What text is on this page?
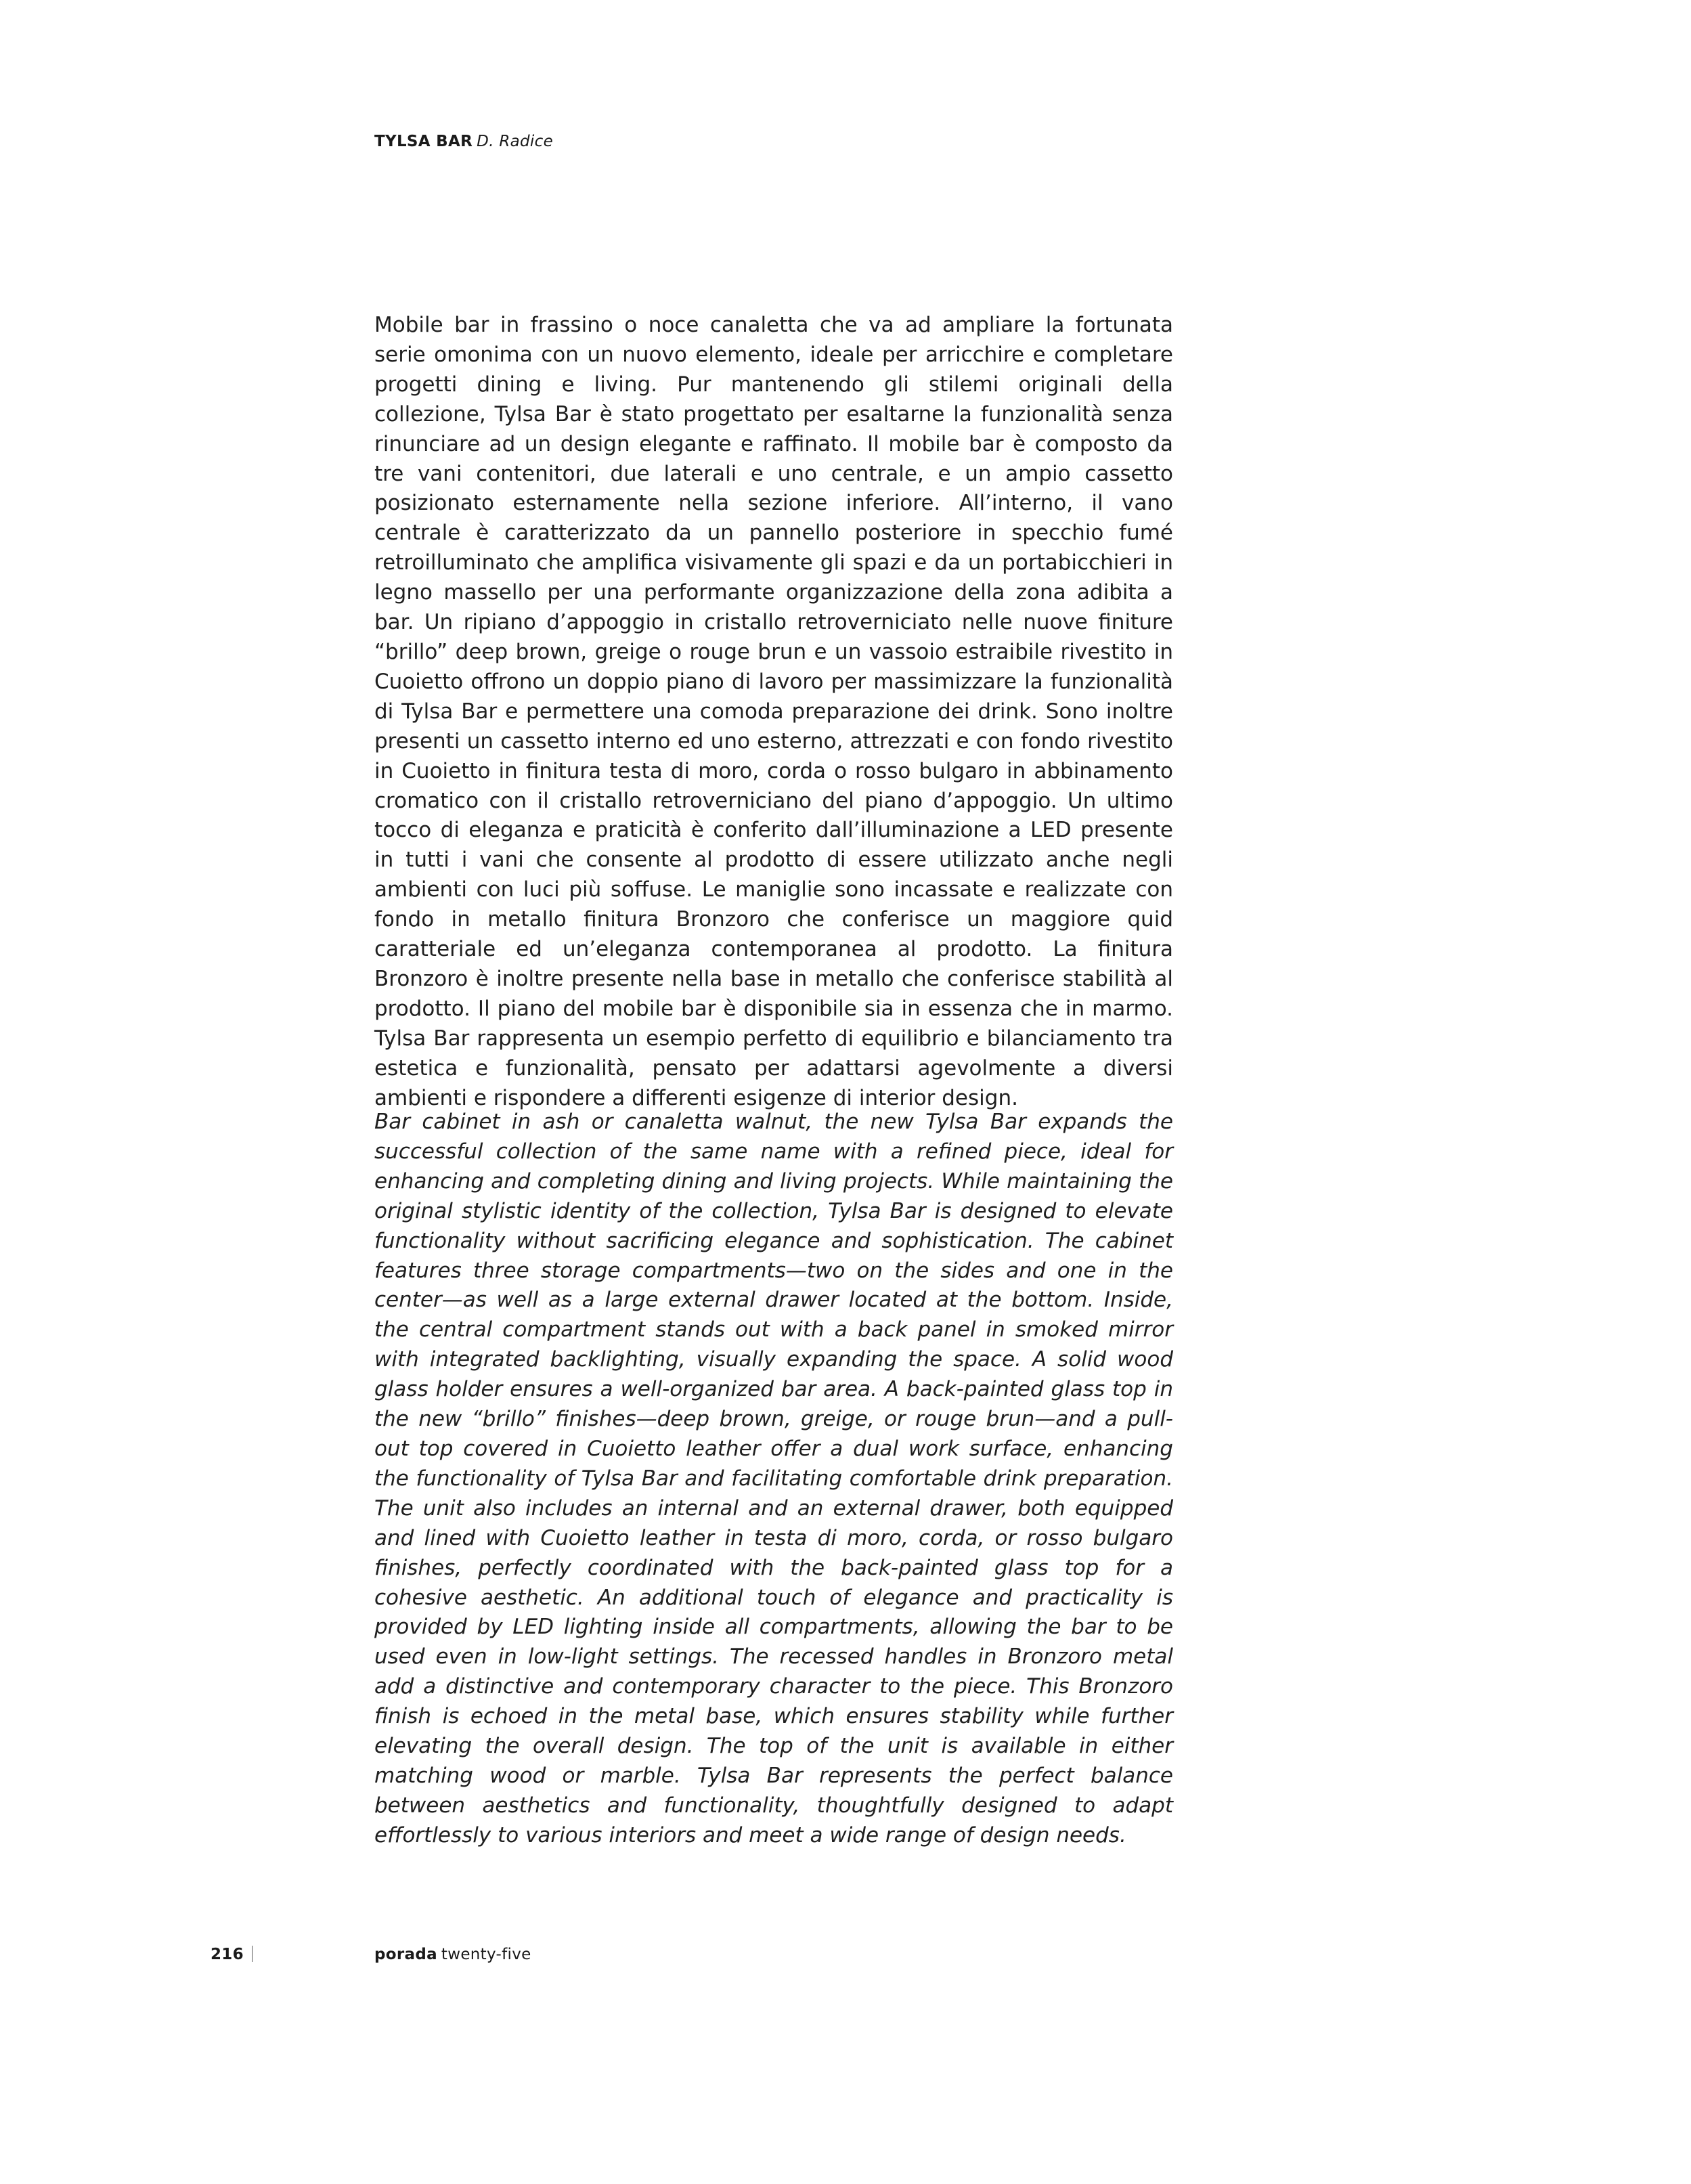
TYLSA BAR D. Radice

Mobile bar in frassino o noce canaletta che va ad ampliare la fortunata serie omonima con un nuovo elemento, ideale per arricchire e completare progetti dining e living. Pur mantenendo gli stilemi originali della collezione, Tylsa Bar è stato progettato per esaltarne la funzionalità senza rinunciare ad un design elegante e raffinato. Il mobile bar è composto da tre vani contenitori, due laterali e uno centrale, e un ampio cassetto posizionato esternamente nella sezione inferiore. All’interno, il vano centrale è caratterizzato da un pannello posteriore in specchio fumé retroilluminato che amplifica visivamente gli spazi e da un portabicchieri in legno massello per una performante organizzazione della zona adibita a bar. Un ripiano d’appoggio in cristallo retroverniciato nelle nuove finiture “brillo” deep brown, greige o rouge brun e un vassoio estraibile rivestito in Cuoietto offrono un doppio piano di lavoro per massimizzare la funzionalità di Tylsa Bar e permettere una comoda preparazione dei drink. Sono inoltre presenti un cassetto interno ed uno esterno, attrezzati e con fondo rivestito in Cuoietto in finitura testa di moro, corda o rosso bulgaro in abbinamento cromatico con il cristallo retroverniciano del piano d’appoggio. Un ultimo tocco di eleganza e praticità è conferito dall’illuminazione a LED presente in tutti i vani che consente al prodotto di essere utilizzato anche negli ambienti con luci più soffuse. Le maniglie sono incassate e realizzate con fondo in metallo finitura Bronzoro che conferisce un maggiore quid caratteriale ed un’eleganza contemporanea al prodotto. La finitura Bronzoro è inoltre presente nella base in metallo che conferisce stabilità al prodotto. Il piano del mobile bar è disponibile sia in essenza che in marmo. Tylsa Bar rappresenta un esempio perfetto di equilibrio e bilanciamento tra estetica e funzionalità, pensato per adattarsi agevolmente a diversi ambienti e rispondere a differenti esigenze di interior design.

Bar cabinet in ash or canaletta walnut, the new Tylsa Bar expands the successful collection of the same name with a refined piece, ideal for enhancing and completing dining and living projects. While maintaining the original stylistic identity of the collection, Tylsa Bar is designed to elevate functionality without sacrificing elegance and sophistication. The cabinet features three storage compartments—two on the sides and one in the center—as well as a large external drawer located at the bottom. Inside, the central compartment stands out with a back panel in smoked mirror with integrated backlighting, visually expanding the space. A solid wood glass holder ensures a well-organized bar area. A back-painted glass top in the new “brillo” finishes—deep brown, greige, or rouge brun—and a pull-out top covered in Cuoietto leather offer a dual work surface, enhancing the functionality of Tylsa Bar and facilitating comfortable drink preparation. The unit also includes an internal and an external drawer, both equipped and lined with Cuoietto leather in testa di moro, corda, or rosso bulgaro finishes, perfectly coordinated with the back-painted glass top for a cohesive aesthetic. An additional touch of elegance and practicality is provided by LED lighting inside all compartments, allowing the bar to be used even in low-light settings. The recessed handles in Bronzoro metal add a distinctive and contemporary character to the piece. This Bronzoro finish is echoed in the metal base, which ensures stability while further elevating the overall design. The top of the unit is available in either matching wood or marble. Tylsa Bar represents the perfect balance between aesthetics and functionality, thoughtfully designed to adapt effortlessly to various interiors and meet a wide range of design needs.

216	porada twenty-five
